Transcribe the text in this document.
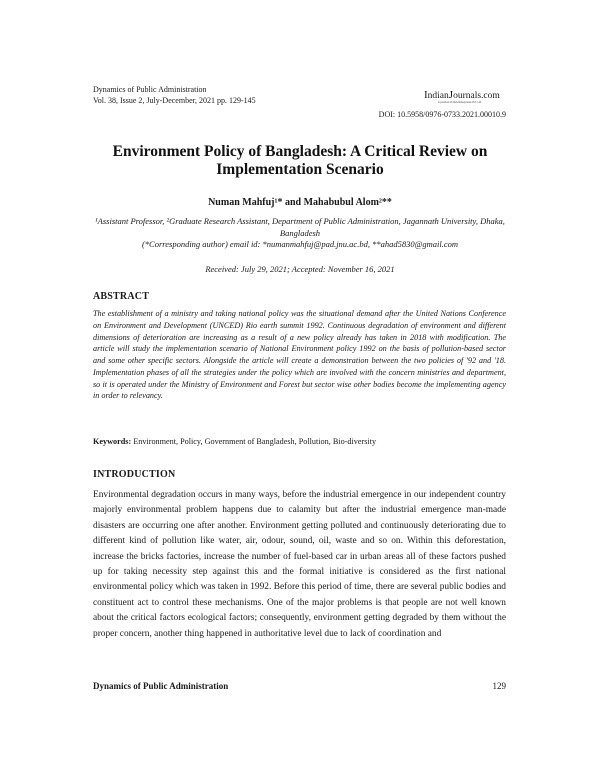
Dynamics of Public Administration
Vol. 38, Issue 2, July-December, 2021 pp. 129-145	IndianJournals.com
A product of Diva Enterprises Pvt. Ltd.
DOI: 10.5958/0976-0733.2021.00010.9
Environment Policy of Bangladesh: A Critical Review on Implementation Scenario
Numan Mahfuj¹* and Mahabubul Alom²**
¹Assistant Professor, ²Graduate Research Assistant, Department of Public Administration, Jagannath University, Dhaka, Bangladesh
(*Corresponding author) email id: *numanmahfuj@pad.jnu.ac.bd, **ahad5830@gmail.com
Received: July 29, 2021; Accepted: November 16, 2021
ABSTRACT

The establishment of a ministry and taking national policy was the situational demand after the United Nations Conference on Environment and Development (UNCED) Rio earth summit 1992. Continuous degradation of environment and different dimensions of deterioration are increasing as a result of a new policy already has taken in 2018 with modification. The article will study the implementation scenario of National Environment policy 1992 on the basis of pollution-based sector and some other specific sectors. Alongside the article will create a demonstration between the two policies of '92 and '18. Implementation phases of all the strategies under the policy which are involved with the concern ministries and department, so it is operated under the Ministry of Environment and Forest but sector wise other bodies become the implementing agency in order to relevancy.

Keywords: Environment, Policy, Government of Bangladesh, Pollution, Bio-diversity
INTRODUCTION

Environmental degradation occurs in many ways, before the industrial emergence in our independent country majorly environmental problem happens due to calamity but after the industrial emergence man-made disasters are occurring one after another. Environment getting polluted and continuously deteriorating due to different kind of pollution like water, air, odour, sound, oil, waste and so on. Within this deforestation, increase the bricks factories, increase the number of fuel-based car in urban areas all of these factors pushed up for taking necessity step against this and the formal initiative is considered as the first national environmental policy which was taken in 1992. Before this period of time, there are several public bodies and constituent act to control these mechanisms. One of the major problems is that people are not well known about the critical factors ecological factors; consequently, environment getting degraded by them without the proper concern, another thing happened in authoritative level due to lack of coordination and

Dynamics of Public Administration	129
